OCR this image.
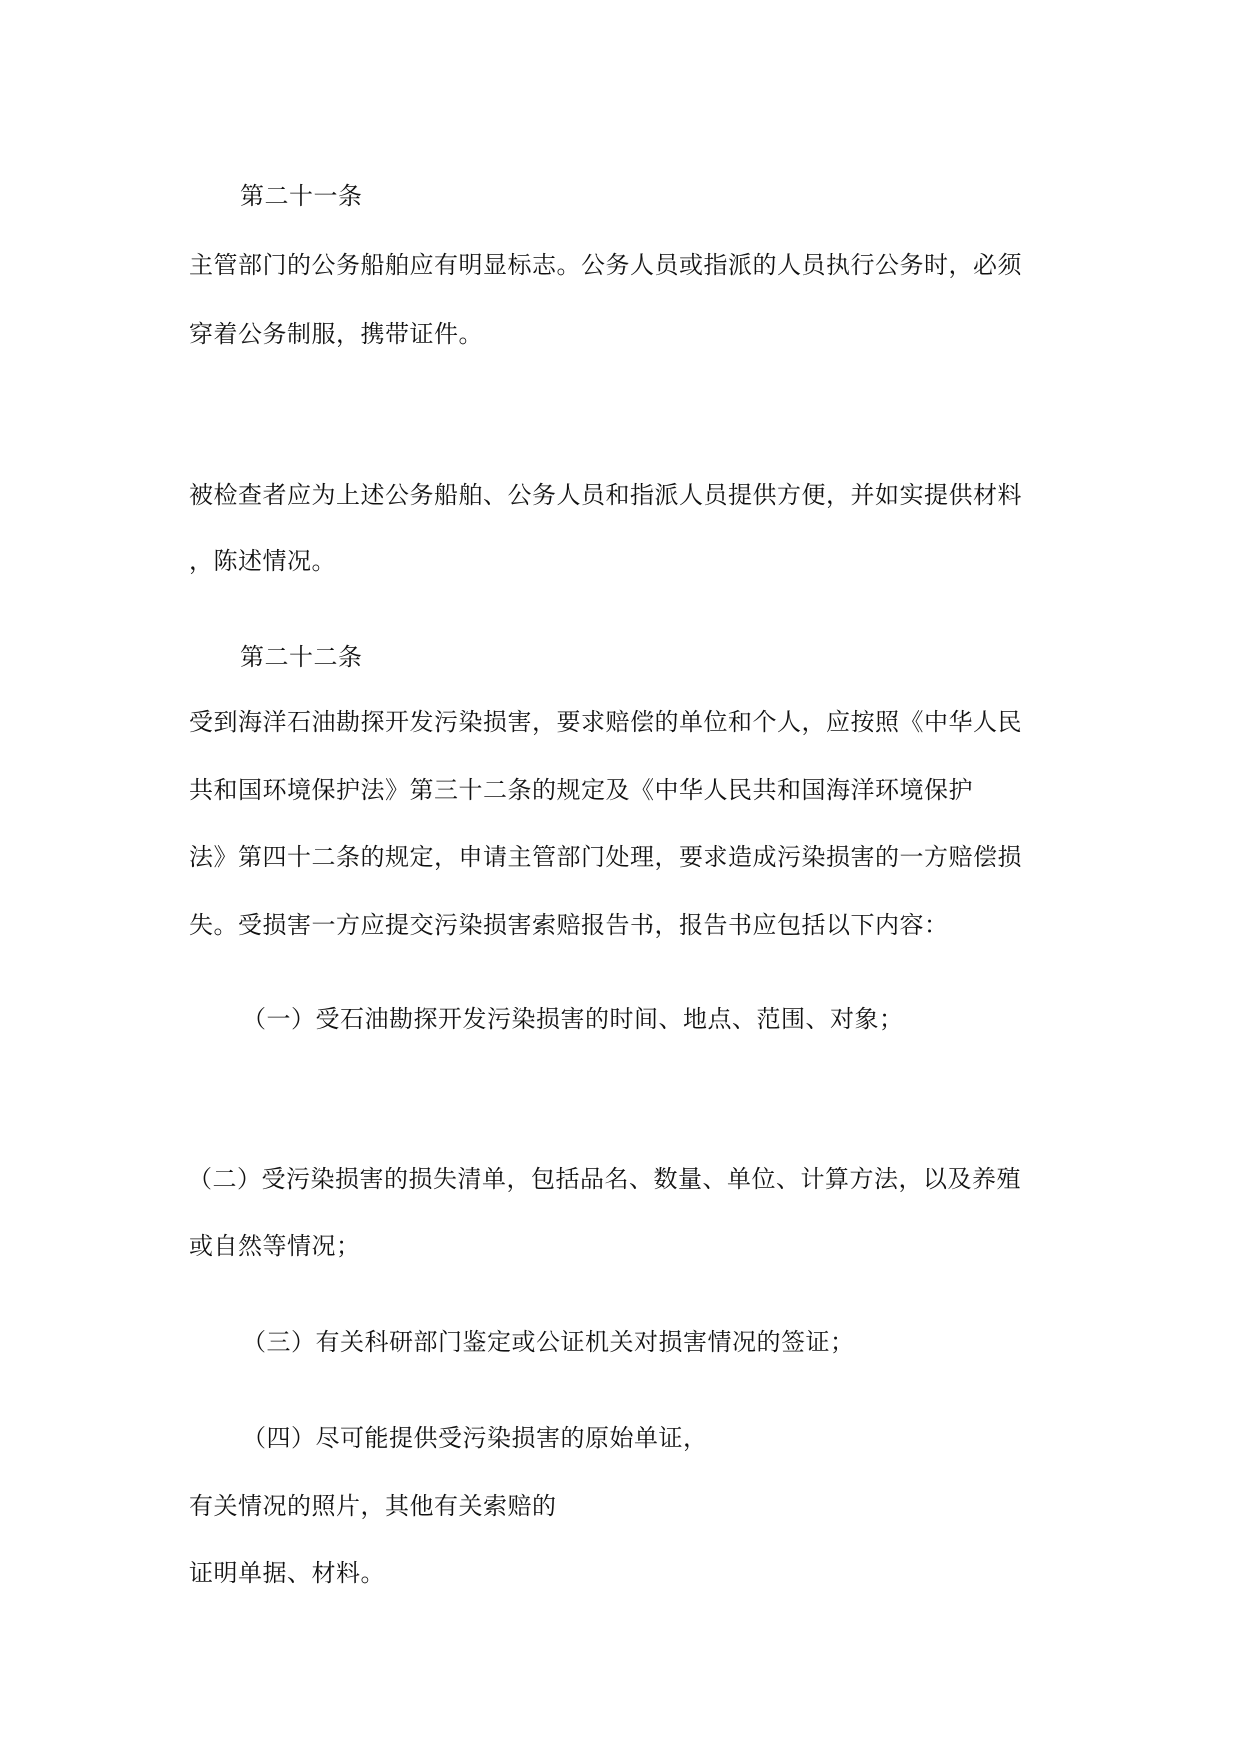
第二十一条
主管部门的公务船舶应有明显标志。公务人员或指派的人员执行公务时，必须
穿着公务制服，携带证件。
被检查者应为上述公务船舶、公务人员和指派人员提供方便，并如实提供材料
，陈述情况。
第二十二条
受到海洋石油勘探开发污染损害，要求赔偿的单位和个人，应按照《中华人民
共和国环境保护法》第三十二条的规定及《中华人民共和国海洋环境保护
法》第四十二条的规定，申请主管部门处理，要求造成污染损害的一方赔偿损
失。受损害一方应提交污染损害索赔报告书，报告书应包括以下内容：
（一）受石油勘探开发污染损害的时间、地点、范围、对象；
（二）受污染损害的损失清单，包括品名、数量、单位、计算方法，以及养殖
或自然等情况；
（三）有关科研部门鉴定或公证机关对损害情况的签证；
（四）尽可能提供受污染损害的原始单证，
有关情况的照片，其他有关索赔的
证明单据、材料。
